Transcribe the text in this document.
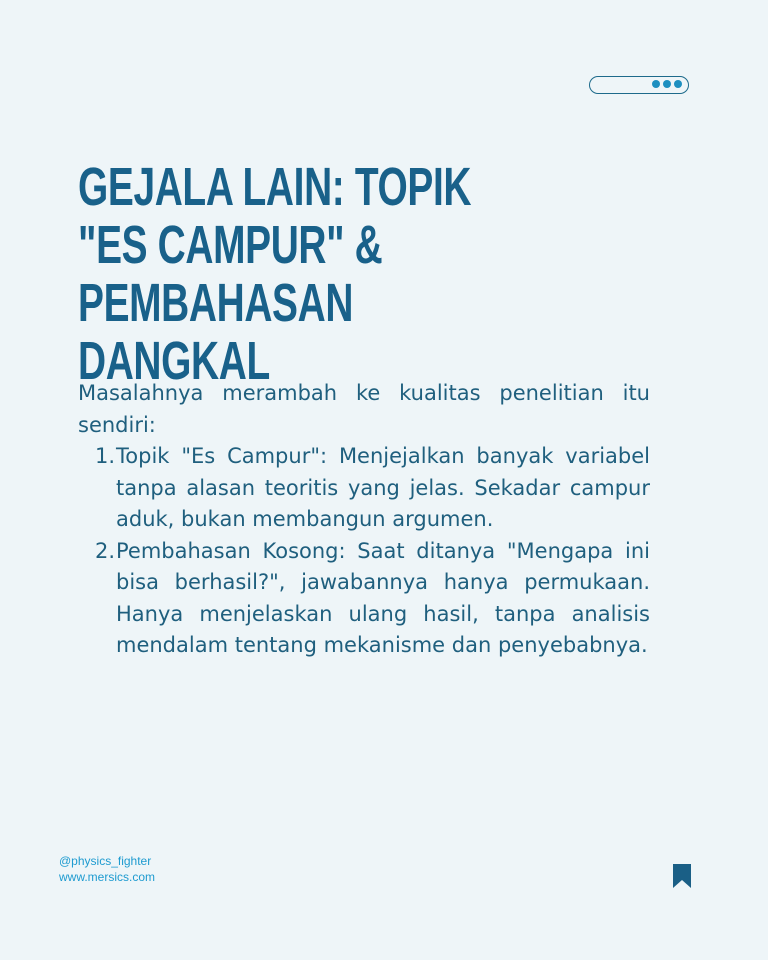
GEJALA LAIN: TOPIK "ES CAMPUR" & PEMBAHASAN DANGKAL

Masalahnya merambah ke kualitas penelitian itu sendiri:

1. Topik "Es Campur": Menjejalkan banyak variabel tanpa alasan teoritis yang jelas. Sekadar campur aduk, bukan membangun argumen.
2. Pembahasan Kosong: Saat ditanya "Mengapa ini bisa berhasil?", jawabannya hanya permukaan. Hanya menjelaskan ulang hasil, tanpa analisis mendalam tentang mekanisme dan penyebabnya.
@physics_fighter
www.mersics.com
